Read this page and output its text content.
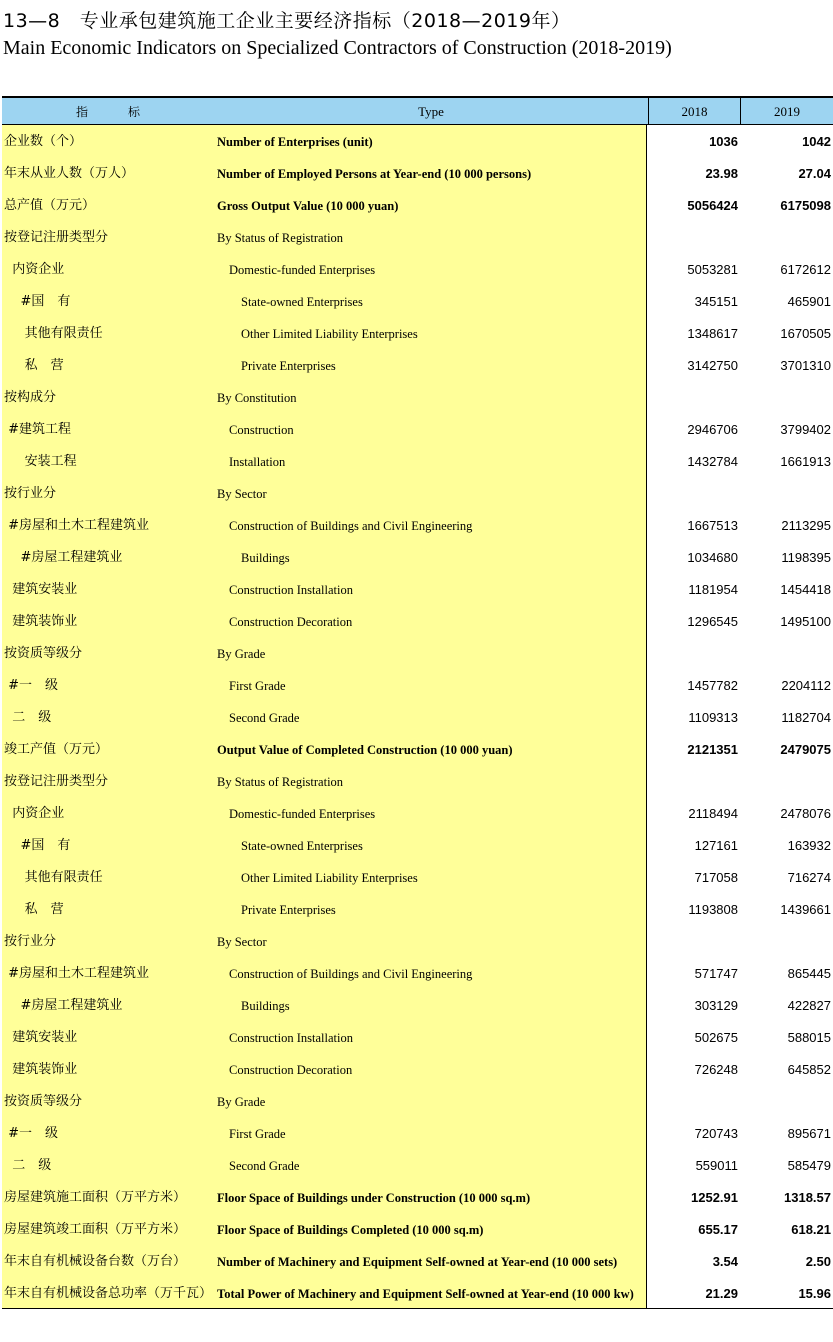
13—8　专业承包建筑施工企业主要经济指标（2018—2019年）
Main Economic Indicators on Specialized Contractors of Construction (2018-2019)
指　标	Type	2018	2019
企业数（个）	Number of Enterprises (unit)	1036	1042
年末从业人数（万人）	Number of Employed Persons at Year-end (10 000 persons)	23.98	27.04
总产值（万元）	Gross Output Value (10 000 yuan)	5056424	6175098
按登记注册类型分	By Status of Registration
内资企业	Domestic-funded Enterprises	5053281	6172612
#国　有	State-owned Enterprises	345151	465901
其他有限责任	Other Limited Liability Enterprises	1348617	1670505
私　营	Private Enterprises	3142750	3701310
按构成分	By Constitution
#建筑工程	Construction	2946706	3799402
安装工程	Installation	1432784	1661913
按行业分	By Sector
#房屋和土木工程建筑业	Construction of Buildings and Civil Engineering	1667513	2113295
#房屋工程建筑业	Buildings	1034680	1198395
建筑安装业	Construction Installation	1181954	1454418
建筑装饰业	Construction Decoration	1296545	1495100
按资质等级分	By Grade
#一　级	First Grade	1457782	2204112
二　级	Second Grade	1109313	1182704
竣工产值（万元）	Output Value of Completed Construction (10 000 yuan)	2121351	2479075
按登记注册类型分	By Status of Registration
内资企业	Domestic-funded Enterprises	2118494	2478076
#国　有	State-owned Enterprises	127161	163932
其他有限责任	Other Limited Liability Enterprises	717058	716274
私　营	Private Enterprises	1193808	1439661
按行业分	By Sector
#房屋和土木工程建筑业	Construction of Buildings and Civil Engineering	571747	865445
#房屋工程建筑业	Buildings	303129	422827
建筑安装业	Construction Installation	502675	588015
建筑装饰业	Construction Decoration	726248	645852
按资质等级分	By Grade
#一　级	First Grade	720743	895671
二　级	Second Grade	559011	585479
房屋建筑施工面积（万平方米） Floor Space of Buildings under Construction (10 000 sq.m)	1252.91	1318.57
房屋建筑竣工面积（万平方米） Floor Space of Buildings Completed (10 000 sq.m)	655.17	618.21
年末自有机械设备台数（万台） Number of Machinery and Equipment Self-owned at Year-end (10 000 sets)	3.54	2.50
年末自有机械设备总功率（万千瓦） Total Power of Machinery and Equipment Self-owned at Year-end (10 000 kw)	21.29	15.96
